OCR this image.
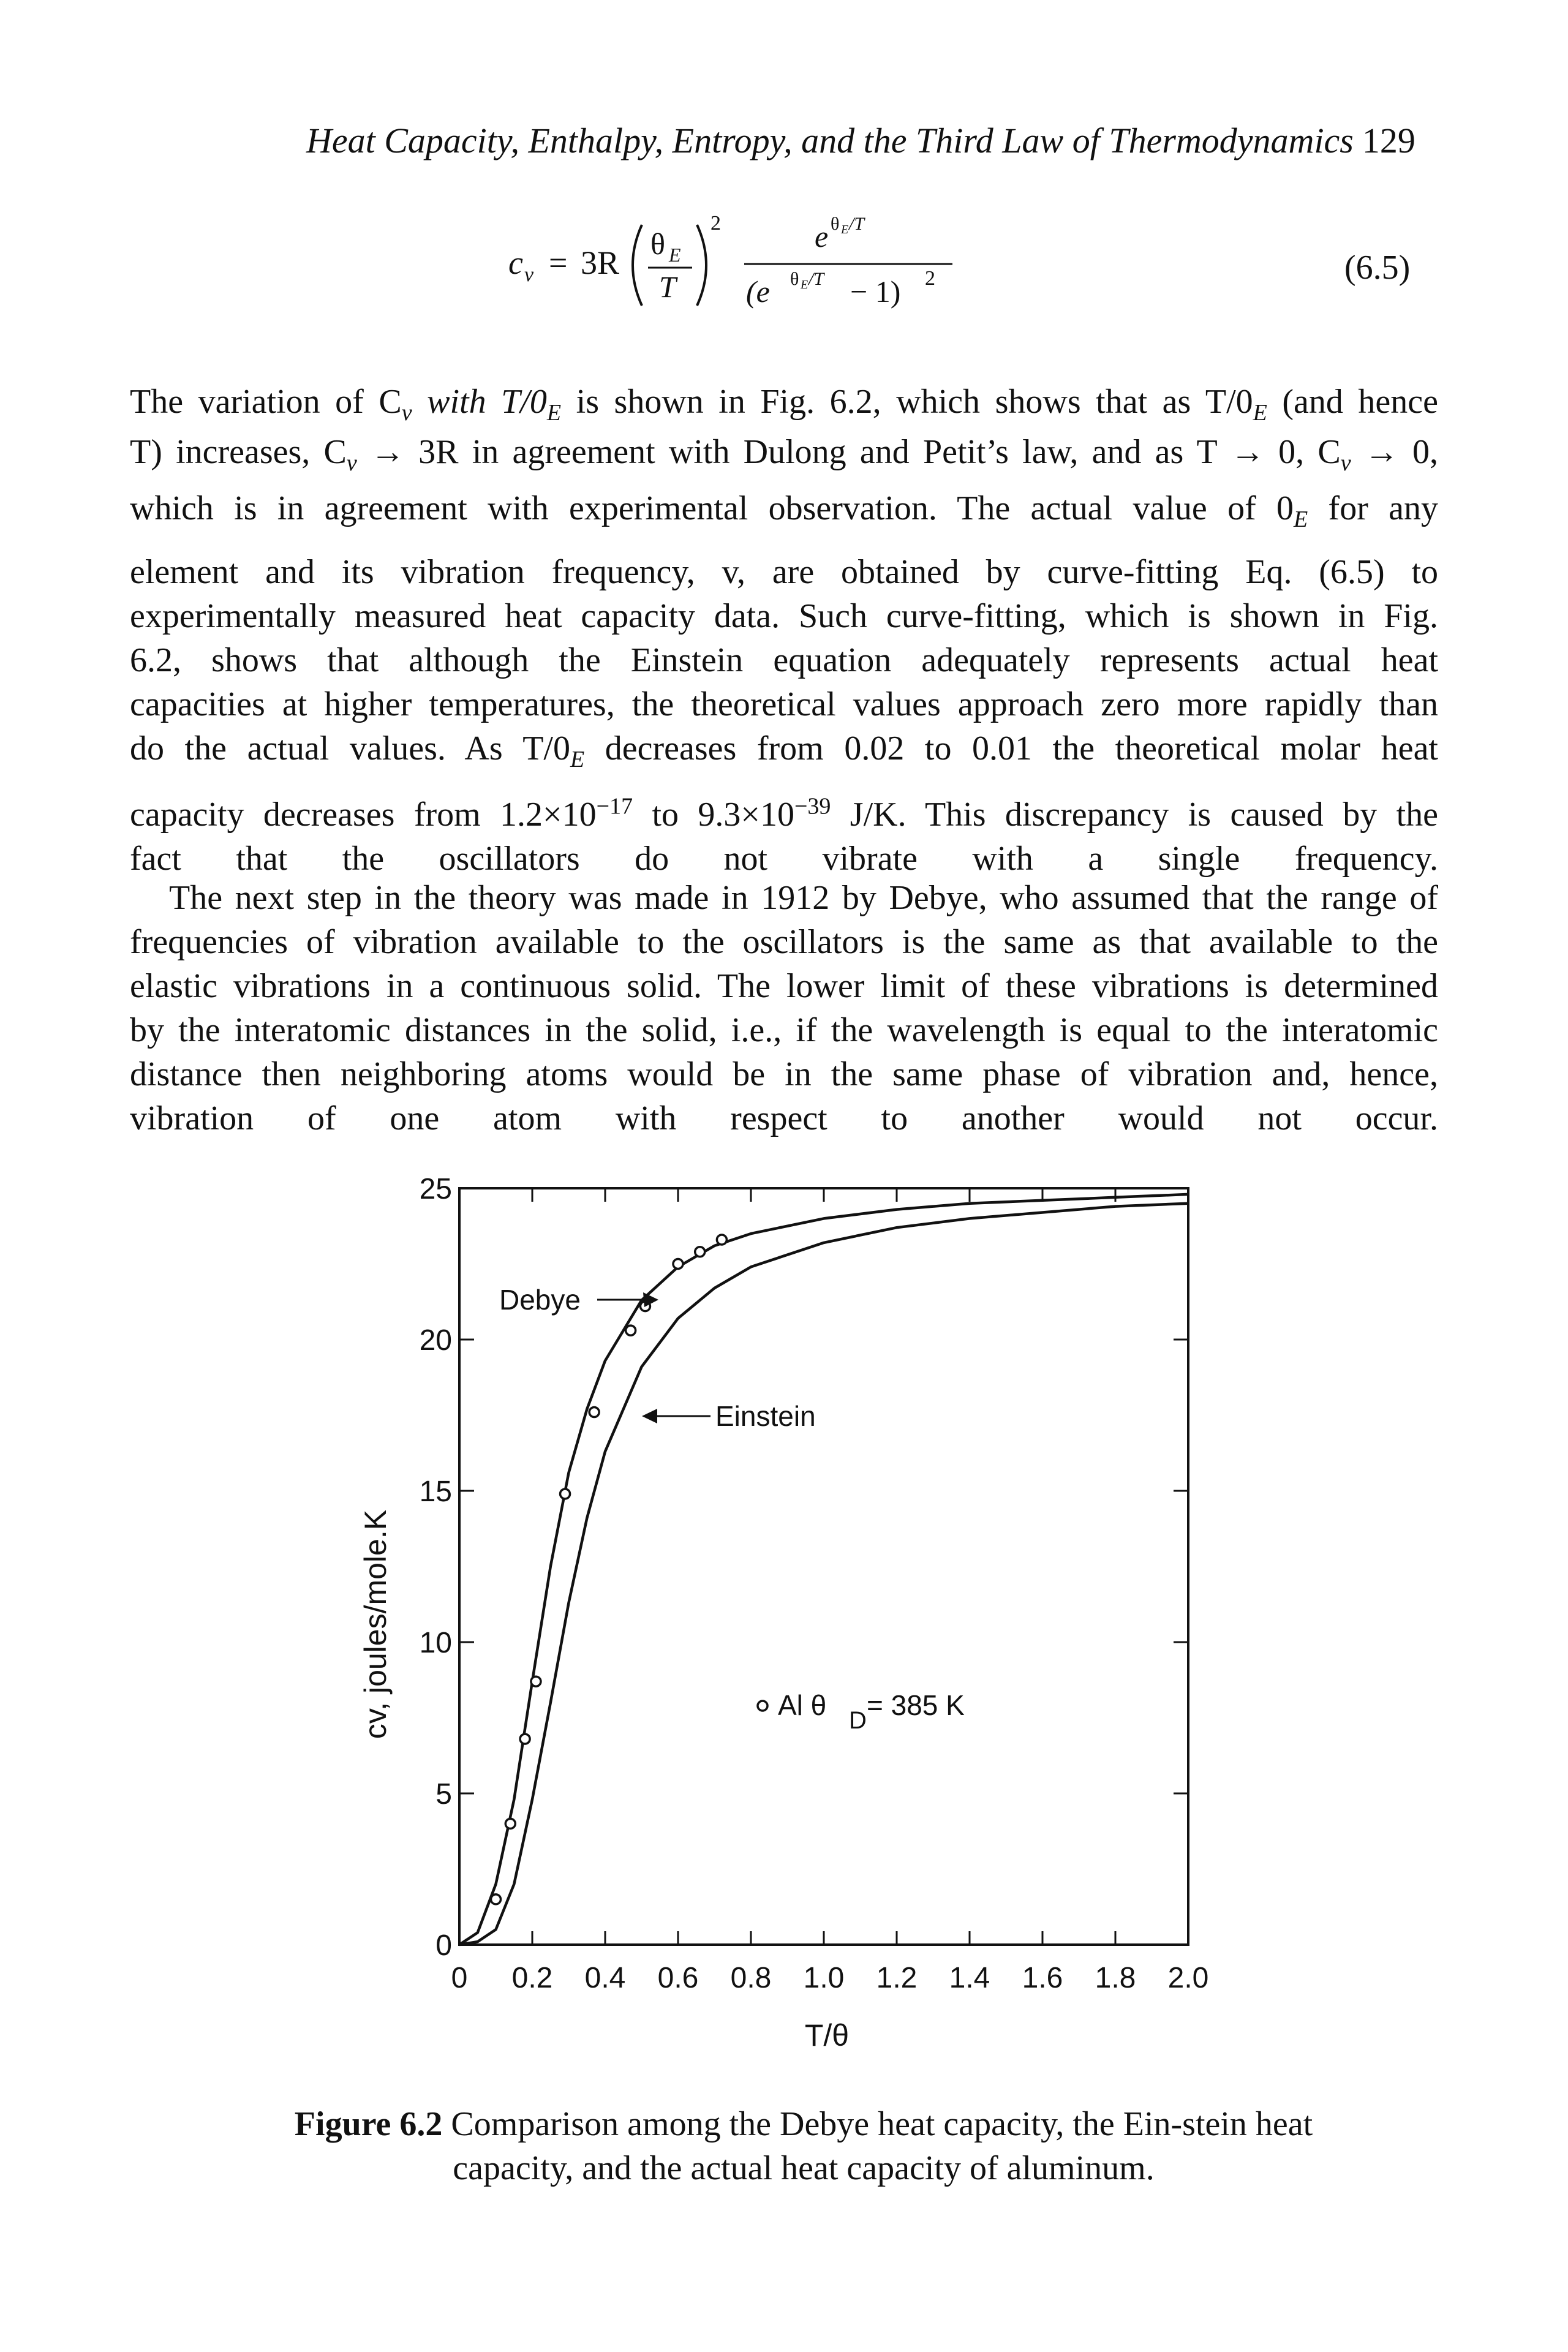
Heat Capacity, Enthalpy, Entropy, and the Third Law of Thermodynamics 129
c v = 3R
θ E
T
2	e θ E /T
(e θ E /T − 1) 2	(6.5)
The variation of $C_v$ with $T/0_E$ is shown in Fig. 6.2, which shows that as $T/0_E$ (and hence
T) increases, $C_v \to 3R$ in agreement with Dulong and Petit’s law, and as T → 0, $C_v \to 0$,
which is in agreement with experimental observation. The actual value of $0_E$ for any
element and its vibration frequency, v, are obtained by curve-fitting Eq. (6.5) to
experimentally measured heat capacity data. Such curve-fitting, which is shown in Fig.
6.2, shows that although the Einstein equation adequately represents actual heat
capacities at higher temperatures, the theoretical values approach zero more rapidly than
do the actual values. As $T/0_E$ decreases from 0.02 to 0.01 the theoretical molar heat
capacity decreases from $1.2\times 10^{-17}$ to $9.3\times 10^{-39}$ J/K. This discrepancy is caused by the
fact that the oscillators do not vibrate with a single frequency.
The next step in the theory was made in 1912 by Debye, who assumed that the range of
frequencies of vibration available to the oscillators is the same as that available to the
elastic vibrations in a continuous solid. The lower limit of these vibrations is determined
by the interatomic distances in the solid, i.e., if the wavelength is equal to the interatomic
distance then neighboring atoms would be in the same phase of vibration and, hence,
vibration of one atom with respect to another would not occur.
0 0.2 0.4 0.6 0.8 1.0 1.2 1.4 1.6 1.8 2.0
0
5
10
15
20
25
Debye
Einstein
Al θ D = 385 K
cv, joules/mole.K
T/θ
Figure 6.2 Comparison among the Debye heat capacity, the Ein-stein heat
capacity, and the actual heat capacity of aluminum.
